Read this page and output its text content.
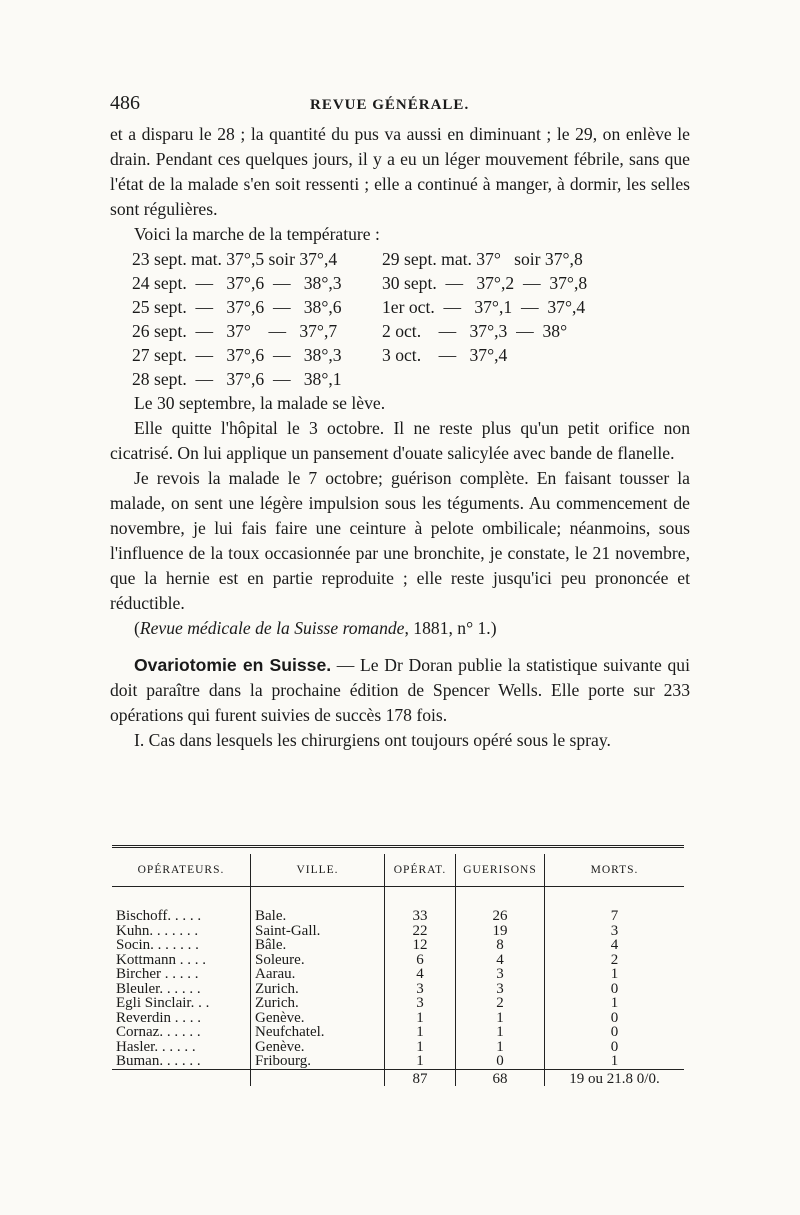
486	REVUE GÉNÉRALE.

et a disparu le 28 ; la quantité du pus va aussi en diminuant ; le 29, on enlève le drain. Pendant ces quelques jours, il y a eu un léger mouvement fébrile, sans que l'état de la malade s'en soit ressenti ; elle a continué à manger, à dormir, les selles sont régulières.

Voici la marche de la température :

23 sept. mat. 37°,5 soir 37°,4	29 sept. mat. 37°   soir 37°,8
24 sept.  —   37°,6  —   38°,3	30 sept.  —   37°,2  —  37°,8
25 sept.  —   37°,6  —   38°,6	1er oct.  —   37°,1  —  37°,4
26 sept.  —   37°    —   37°,7	2 oct.    —   37°,3  —  38°
27 sept.  —   37°,6  —   38°,3	3 oct.    —   37°,4
28 sept.  —   37°,6  —   38°,1

Le 30 septembre, la malade se lève.

Elle quitte l'hôpital le 3 octobre. Il ne reste plus qu'un petit orifice non cicatrisé. On lui applique un pansement d'ouate salicylée avec bande de flanelle.

Je revois la malade le 7 octobre; guérison complète. En faisant tousser la malade, on sent une légère impulsion sous les téguments. Au commencement de novembre, je lui fais faire une ceinture à pelote ombilicale; néanmoins, sous l'influence de la toux occasionnée par une bronchite, je constate, le 21 novembre, que la hernie est en partie reproduite ; elle reste jusqu'ici peu prononcée et réductible.

(Revue médicale de la Suisse romande, 1881, n° 1.)

Ovariotomie en Suisse. — Le Dr Doran publie la statistique suivante qui doit paraître dans la prochaine édition de Spencer Wells. Elle porte sur 233 opérations qui furent suivies de succès 178 fois.

I. Cas dans lesquels les chirurgiens ont toujours opéré sous le spray.

OPÉRATEURS.	VILLE.	OPÉRAT.	GUERISONS	MORTS.

Bischoff. . . . .	Bale.	33	26	7
Kuhn. . . . . . .	Saint-Gall.	22	19	3
Socin. . . . . . .	Bâle.	12	8	4
Kottmann . . . .	Soleure.	6	4	2
Bircher . . . . .	Aarau.	4	3	1
Bleuler. . . . . .	Zurich.	3	3	0
Egli Sinclair. . .	Zurich.	3	2	1
Reverdin . . . .	Genève.	1	1	0
Cornaz. . . . . .	Neufchatel.	1	1	0
Hasler. . . . . .	Genève.	1	1	0
Buman. . . . . .	Fribourg.	1	0	1
		87	68	19 ou 21.8 0/0.
